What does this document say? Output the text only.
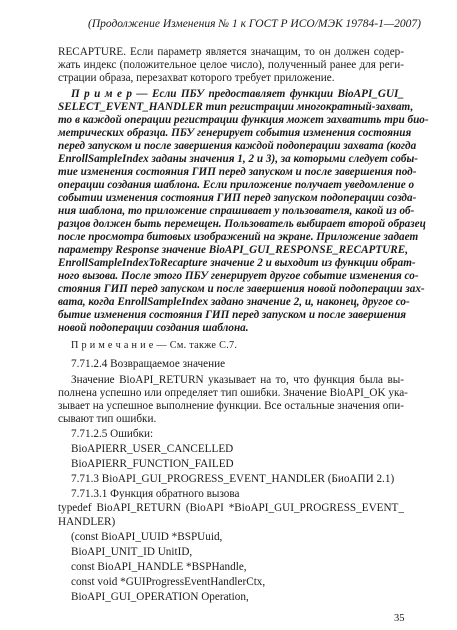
(Продолжение Изменения № 1 к ГОСТ Р ИСО/МЭК 19784-1—2007)
RECAPTURE. Если параметр является значащим, то он должен содер-
жать индекс (положительное целое число), полученный ранее для реги-
страции образа, перезахват которого требует приложение.
П р и м е р — Если ПБУ предоставляет функции BioAPI_GUI_
SELECT_EVENT_HANDLER тип регистрации многократный-захват,
то в каждой операции регистрации функция может захватить три био-
метрических образца. ПБУ генерирует события изменения состояния
перед запуском и после завершения каждой подоперации захвата (когда
EnrollSampleIndex заданы значения 1, 2 и 3), за которыми следует собы-
тие изменения состояния ГИП перед запуском и после завершения под-
операции создания шаблона. Если приложение получает уведомление о
событии изменения состояния ГИП перед запуском подоперации созда-
ния шаблона, то приложение спрашивает у пользователя, какой из об-
разцов должен быть перемещен. Пользователь выбирает второй образец
после просмотра битовых изображений на экране. Приложение задает
параметру Response значение BioAPI_GUI_RESPONSE_RECAPTURE,
EnrollSampleIndexToRecapture значение 2 и выходит из функции обрат-
ного вызова. После этого ПБУ генерирует другое событие изменения со-
стояния ГИП перед запуском и после завершения новой подоперации зах-
вата, когда EnrollSampleIndex задано значение 2, и, наконец, другое со-
бытие изменения состояния ГИП перед запуском и после завершения
новой подоперации создания шаблона.
П р и м е ч а н и е — См. также С.7.
7.71.2.4 Возвращаемое значение
Значение BioAPI_RETURN указывает на то, что функция была вы-
полнена успешно или определяет тип ошибки. Значение BioAPI_OK ука-
зывает на успешное выполнение функции. Все остальные значения опи-
сывают тип ошибки.
7.71.2.5 Ошибки:
BioAPIERR_USER_CANCELLED
BioAPIERR_FUNCTION_FAILED
7.71.3 BioAPI_GUI_PROGRESS_EVENT_HANDLER (БиоАПИ 2.1)
7.71.3.1 Функция обратного вызова
typedef BioAPI_RETURN (BioAPI *BioAPI_GUI_PROGRESS_EVENT_
HANDLER)
(const BioAPI_UUID *BSPUuid,
BioAPI_UNIT_ID UnitID,
const BioAPI_HANDLE *BSPHandle,
const void *GUIProgressEventHandlerCtx,
BioAPI_GUI_OPERATION Operation,
35
